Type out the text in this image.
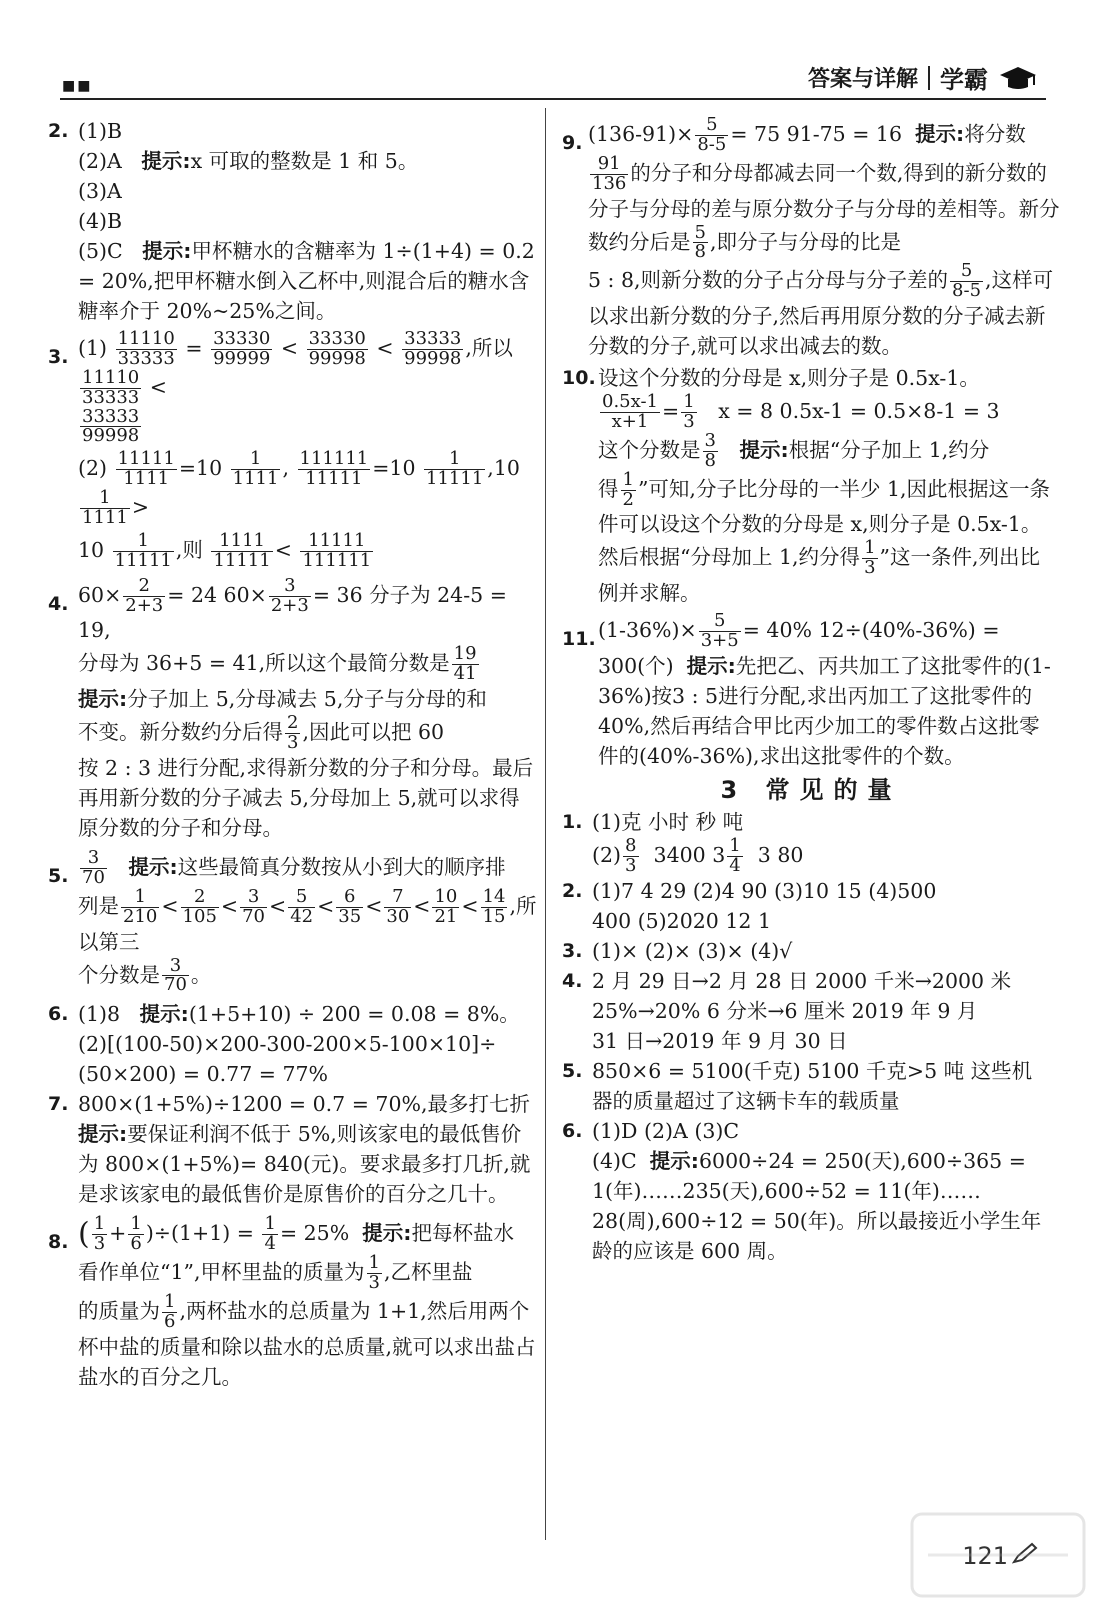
■■	答案与详解 学霸
2. (1)B
(2)A 提示:x 可取的整数是 1 和 5。
(3)A
(4)B
(5)C 提示:甲杯糖水的含糖率为 1÷(1+4) = 0.2 = 20%,把甲杯糖水倒入乙杯中,则混合后的糖水含糖率介于 20%~25%之间。
3. $(1) \frac{11110}{33333} = \frac{33330}{99999} < \frac{33330}{99998} < \frac{33333}{99998}$ ,所以
$\frac{11110}{33333}$ <
$\frac{33333}{99998}$
$(2) \frac{11111}{1111} =10 \frac{1}{1111}$ , $\frac{111111}{11111} =10 \frac{1}{11111} ,10$
$\frac{1}{1111}$ >
$10 \frac{1}{11111}$ ,则 $\frac{1111}{11111} < \frac{11111}{111111}$
4. $60\times \frac{2}{2+3} = 24$ $60\times \frac{3}{2+3} = 36$ 分子为 24-5 = 19,
分母为 36+5 = 41,所以这个最简分数是 $\frac{19}{41}$
提示:分子加上 5,分母减去 5,分子与分母的和
不变。新分数约分后得 $\frac{2}{3}$ ,因此可以把 60
按 2 : 3 进行分配,求得新分数的分子和分母。最后再用新分数的分子减去 5,分母加上 5,就可以求得原分数的分子和分母。
5. $\frac{3}{70}$ 提示:这些最简真分数按从小到大的顺序排
列是 $\frac{1}{210} < \frac{2}{105} < \frac{3}{70} < \frac{5}{42} < \frac{6}{35} < \frac{7}{30} < \frac{10}{21} < \frac{14}{15}$ ,所以第三
个分数是 $\frac{3}{70}$ 。
6. (1)8 提示:(1+5+10) ÷ 200 = 0.08 = 8%。
(2)[(100-50)×200-300-200×5-100×10]÷
(50×200) = 0.77 = 77%
7. 800×(1+5%)÷1200 = 0.7 = 70%,最多打七折
提示:要保证利润不低于 5%,则该家电的最低售价为 800×(1+5%)= 840(元)。要求最多打几折,就是求该家电的最低售价是原售价的百分之几十。
8. ( $\frac{1}{3} + \frac{1}{6} )\div(1+1) = \frac{1}{4} = 25\%$ 提示:把每杯盐水
看作单位“1”,甲杯里盐的质量为 $\frac{1}{3}$ ,乙杯里盐
的质量为 $\frac{1}{6}$ ,两杯盐水的总质量为 1+1,然后用两个杯中盐的质量和除以盐水的总质量,就可以求出盐占盐水的百分之几。
9. $(136-91)\times \frac{5}{8-5} = 75$ 91-75 = 16 提示:将分数
$\frac{91}{136}$ 的分子和分母都减去同一个数,得到的新分数的分子与分母的差与原分数分子与分母的差相等。新分数约分后是 $\frac{5}{8}$ ,即分子与分母的比是
5 : 8,则新分数的分子占分母与分子差的 $\frac{5}{8-5}$ ,这样可以求出新分数的分子,然后再用原分数的分子减去新分数的分子,就可以求出减去的数。
10. 设这个分数的分母是 x,则分子是 0.5x-1。
$\frac{0.5x-1}{x+1} = \frac{1}{3}$ x = 8 0.5x-1 = 0.5×8-1 = 3
这个分数是 $\frac{3}{8}$ 提示:根据“分子加上 1,约分
得 $\frac{1}{2}$ ”可知,分子比分母的一半少 1,因此根据这一条件可以设这个分数的分母是 x,则分子是 0.5x-1。然后根据“分母加上 1,约分得 $\frac{1}{3}$ ”这一条件,列出比例并求解。
11. $(1-36\%)\times \frac{5}{3+5} = 40\%$ 12÷(40%-36%) =
300(个) 提示:先把乙、丙共加工了这批零件的(1-36%)按3 : 5进行分配,求出丙加工了这批零件的 40%,然后再结合甲比丙少加工的零件数占这批零件的(40%-36%),求出这批零件的个数。
3 常见的量
1. (1)克 小时 秒 吨
$(2) \frac{8}{3} 3400$ $3 \frac{1}{4} 3$ 80
2. (1)7 4 29 (2)4 90 (3)10 15 (4)500
400 (5)2020 12 1
3. (1)× (2)× (3)× (4)√
4. 2 月 29 日→2 月 28 日 2000 千米→2000 米
25%→20% 6 分米→6 厘米 2019 年 9 月
31 日→2019 年 9 月 30 日
5. 850×6 = 5100(千克) 5100 千克>5 吨 这些机
器的质量超过了这辆卡车的载质量
6. (1)D (2)A (3)C
(4)C 提示:6000÷24 = 250(天),600÷365 = 1(年)……235(天),600÷52 = 11(年)……28(周),600÷12 = 50(年)。所以最接近小学生年龄的应该是 600 周。
121
